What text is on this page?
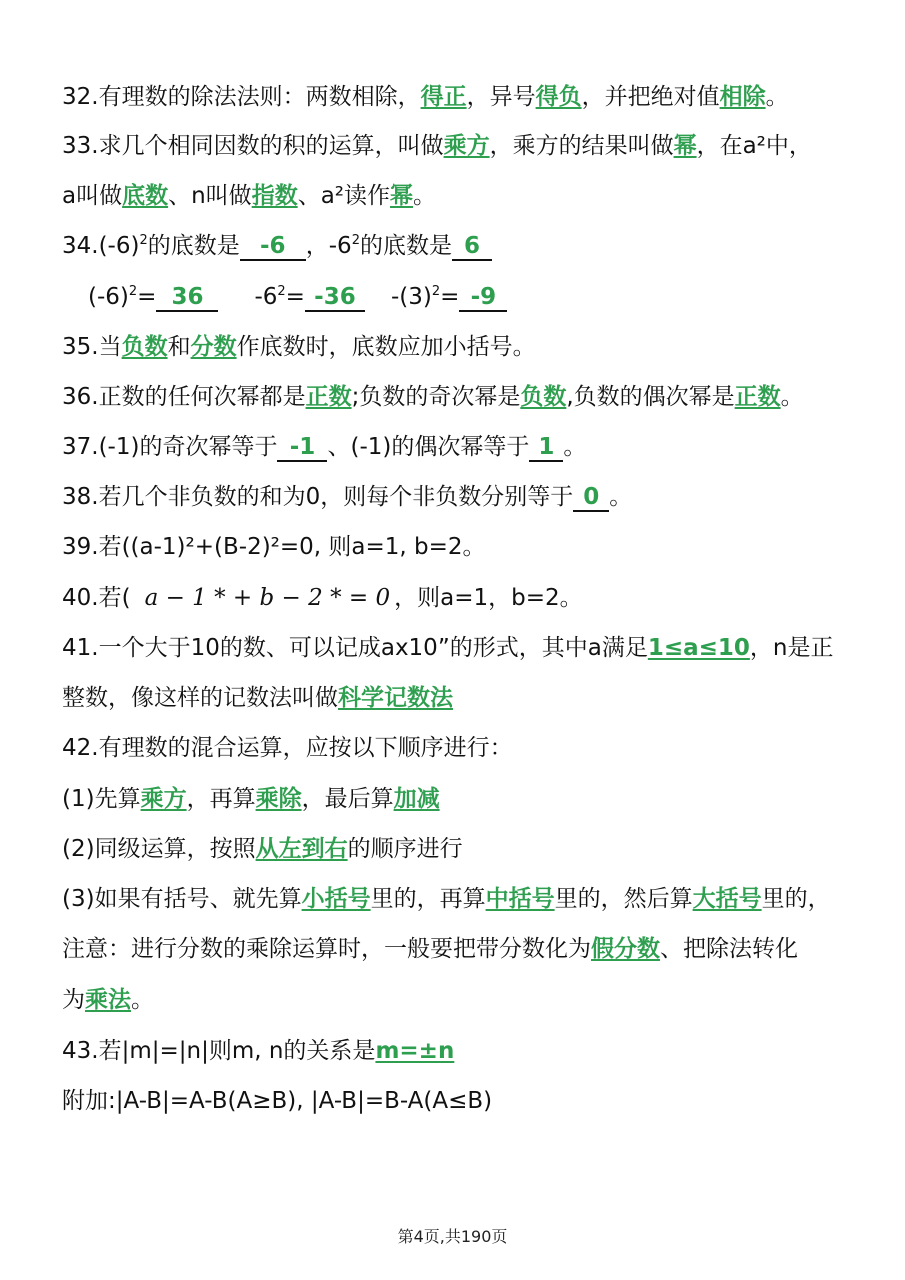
32.有理数的除法法则：两数相除，得正，异号得负，并把绝对值相除。
33.求几个相同因数的积的运算，叫做乘方，乘方的结果叫做幂，在a²中，
a叫做底数、n叫做指数、a²读作幂。
$34.(-6)^2$的底数是 -6 ，$-6^2$的底数是 6
$(-6)^2= 36$ $-6^2= -36$ $-(3)^2= -9$
35.当负数和分数作底数时，底数应加小括号。
36.正数的任何次幂都是正数;负数的奇次幂是负数,负数的偶次幂是正数。
37.(-1)的奇次幂等于 -1 、(-1)的偶次幂等于 1 。
38.若几个非负数的和为0，则每个非负数分别等于 0 。
39.若((a-1)²+(B-2)²=0, 则a=1, b=2。
40.若( a − 1 * + b − 2 * = 0 ，则a=1，b=2。
41.一个大于10的数、可以记成ax10”的形式，其中a满足1≤a≤10，n是正
整数，像这样的记数法叫做科学记数法
42.有理数的混合运算，应按以下顺序进行：
(1)先算乘方，再算乘除，最后算加减
(2)同级运算，按照从左到右的顺序进行
(3)如果有括号、就先算小括号里的，再算中括号里的，然后算大括号里的，
注意：进行分数的乘除运算时，一般要把带分数化为假分数、把除法转化
为乘法。
43.若|m|=|n|则m, n的关系是m=±n
附加:|A-B|=A-B(A≥B), |A-B|=B-A(A≤B)
第4页,共190页
